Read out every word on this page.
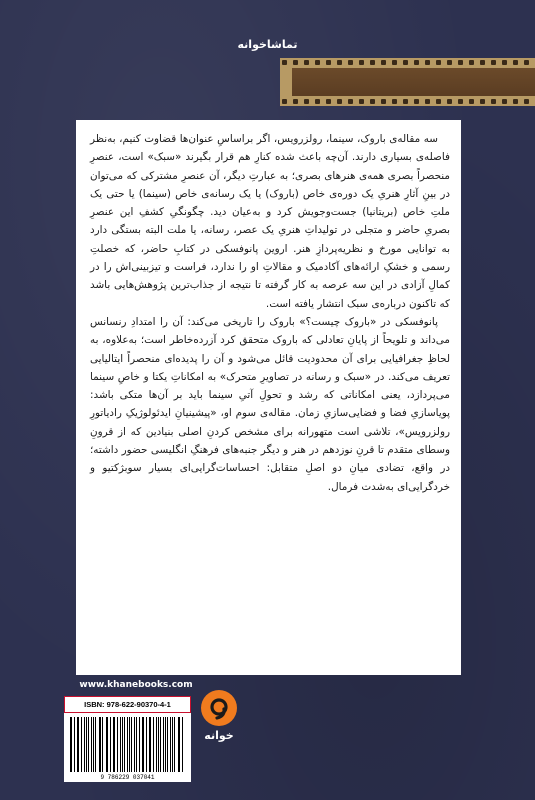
تماشاخوانه

سه مقاله‌ی باروک، سینما، رولزرویس، اگر براساسِ عنوان‌ها قضاوت کنیم، به‌نظر فاصله‌ی بسیاری دارند. آن‌چه باعث شده کنارِ هم قرار بگیرند «سبک» است، عنصرِ منحصراً بصری همه‌ی هنرهای بصری؛ به عبارتِ دیگر، آن عنصرِ مشترکی که می‌توان در بینِ آثارِ هنریِ یک دوره‌ی خاص (باروک) یا یک رسانه‌ی خاص (سینما) یا حتی یک ملتِ خاص (بریتانیا) جست‌وجویش کرد و به‌عیان دید. چگونگیِ کشفِ این عنصرِ بصریِ حاضر و متجلی در تولیداتِ هنریِ یک عصر، رسانه، یا ملت البته بستگی دارد به توانایی مورخ و نظریه‌پردازِ هنر. اروین پانوفسکی در کتابِ حاضر، که خصلتِ رسمی و خشکِ ارائه‌های آکادمیک و مقالاتِ او را ندارد، فراست و تیزبینی‌اش را در کمالِ آزادی در این سه عرصه به کار گرفته تا نتیجه‌ از جذاب‌ترین پژوهش‌هایی باشد که تاکنون درباره‌ی سبک انتشار یافته است.

پانوفسکی در «باروک چیست؟» باروک را تاریخی می‌کند: آن را امتدادِ رنسانس می‌داند و تلویحاً از پایانِ تعادلی که باروک متحقق کرد آزرده‌خاطر است؛ به‌علاوه، به لحاظِ جغرافیایی برای آن محدودیت قائل می‌شود و آن را پدیده‌ای منحصراً ایتالیایی تعریف می‌کند. در «سبک و رسانه در تصاویرِ متحرک» به امکاناتِ یکتا و خاصِ سینما می‌پردازد، یعنی امکاناتی که رشد و تحولِ آتیِ سینما باید بر آن‌ها متکی باشد: پویاسازیِ فضا و فضایی‌سازیِ زمان. مقاله‌ی سوم او، «پیشینیانِ ایدئولوژیکِ رادیاتورِ رولزرویس»، تلاشی است متهورانه برای مشخص کردنِ اصلی بنیادین که از قرونِ وسطای متقدم تا قرنِ نوزدهم در هنر و دیگر جنبه‌های فرهنگِ انگلیسی حضور داشته؛ در واقع، تضادی میانِ دو اصلِ متقابل: احساسات‌گرایی‌ای بسیار سوبژکتیو و خردگرایی‌ای به‌شدت فرمال.

www.khanebooks.com
ISBN: 978-622-90370-4-1
9 786229 037041
خوانه
